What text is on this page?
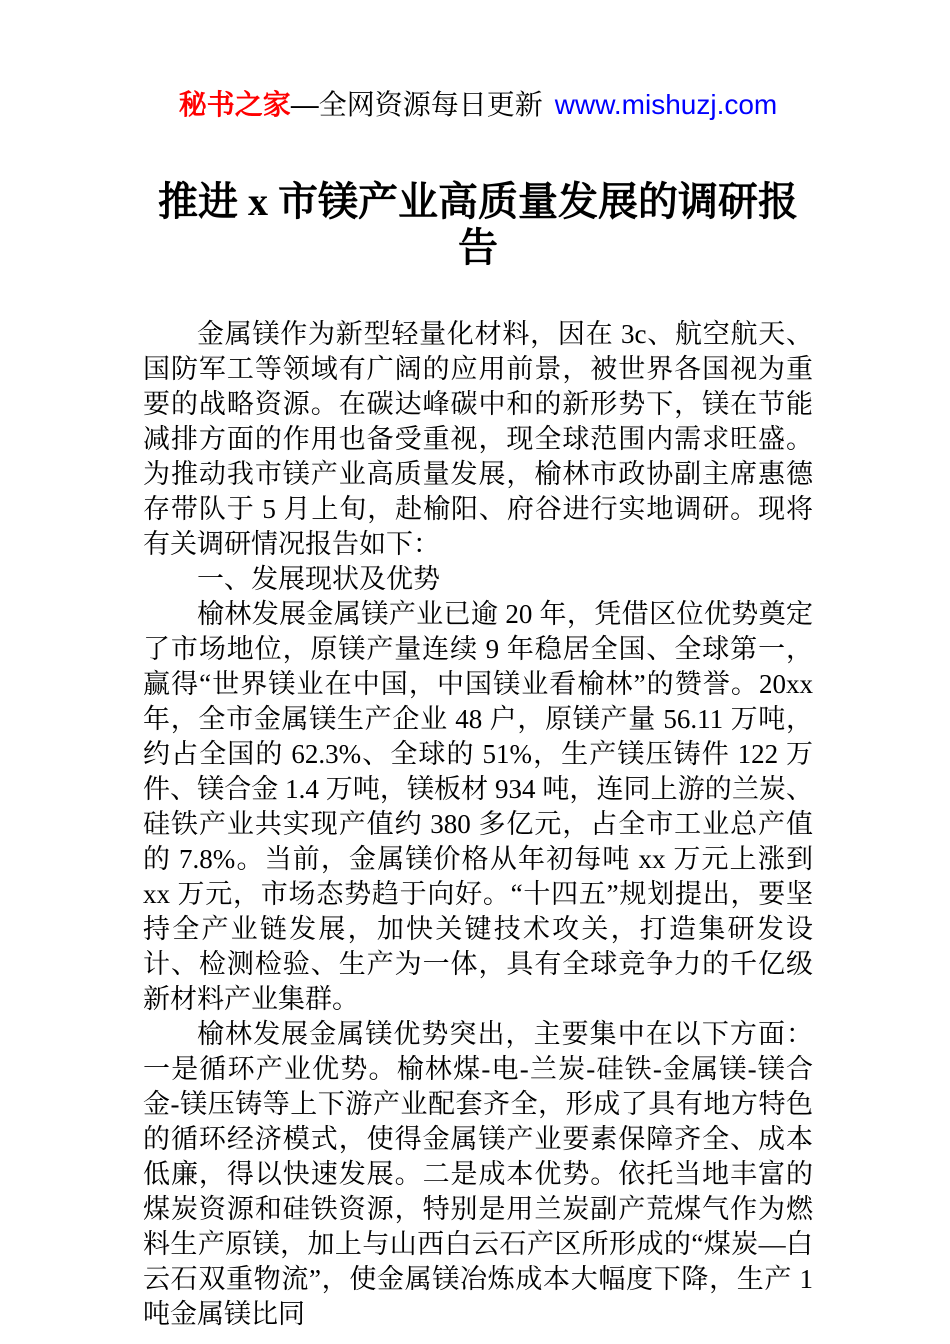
秘书之家—全网资源每日更新 www.mishuzj.com
推进 x 市镁产业高质量发展的调研报告

金属镁作为新型轻量化材料，因在 3c、航空航天、国防军工等领域有广阔的应用前景，被世界各国视为重要的战略资源。在碳达峰碳中和的新形势下，镁在节能减排方面的作用也备受重视，现全球范围内需求旺盛。为推动我市镁产业高质量发展，榆林市政协副主席惠德存带队于 5 月上旬，赴榆阳、府谷进行实地调研。现将有关调研情况报告如下：

一、发展现状及优势

榆林发展金属镁产业已逾 20 年，凭借区位优势奠定了市场地位，原镁产量连续 9 年稳居全国、全球第一，赢得“世界镁业在中国，中国镁业看榆林”的赞誉。20xx 年，全市金属镁生产企业 48 户，原镁产量 56.11 万吨，约占全国的 62.3%、全球的 51%，生产镁压铸件 122 万件、镁合金 1.4 万吨，镁板材 934 吨，连同上游的兰炭、硅铁产业共实现产值约 380 多亿元，占全市工业总产值的 7.8%。当前，金属镁价格从年初每吨 xx 万元上涨到 xx 万元，市场态势趋于向好。“十四五”规划提出，要坚持全产业链发展，加快关键技术攻关，打造集研发设计、检测检验、生产为一体，具有全球竞争力的千亿级新材料产业集群。

榆林发展金属镁优势突出，主要集中在以下方面：一是循环产业优势。榆林煤-电-兰炭-硅铁-金属镁-镁合金-镁压铸等上下游产业配套齐全，形成了具有地方特色的循环经济模式，使得金属镁产业要素保障齐全、成本低廉，得以快速发展。二是成本优势。依托当地丰富的煤炭资源和硅铁资源，特别是用兰炭副产荒煤气作为燃料生产原镁，加上与山西白云石产区所形成的“煤炭—白云石双重物流”，使金属镁冶炼成本大幅度下降，生产 1 吨金属镁比同
